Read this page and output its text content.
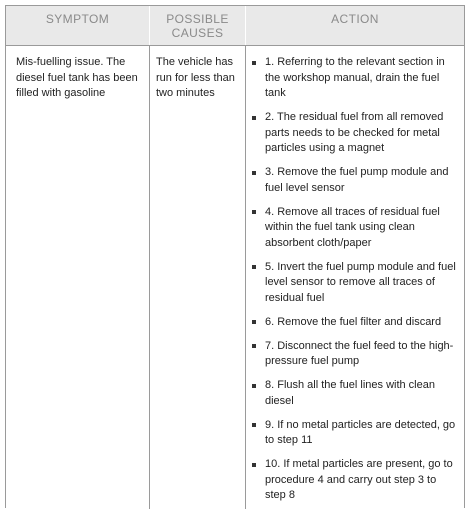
SYMPTOM	POSSIBLE
CAUSES
ACTION
Mis-fuelling issue. The diesel fuel tank has been filled with gasoline
The vehicle has run for less than two minutes
1. Referring to the relevant section in the workshop manual, drain the fuel tank
2. The residual fuel from all removed parts needs to be checked for metal particles using a magnet
3. Remove the fuel pump module and fuel level sensor
4. Remove all traces of residual fuel within the fuel tank using clean absorbent cloth/paper
5. Invert the fuel pump module and fuel level sensor to remove all traces of residual fuel
6. Remove the fuel filter and discard
7. Disconnect the fuel feed to the high-pressure fuel pump
8. Flush all the fuel lines with clean diesel
9. If no metal particles are detected, go to step 11
10. If metal particles are present, go to procedure 4 and carry out step 3 to step 8
